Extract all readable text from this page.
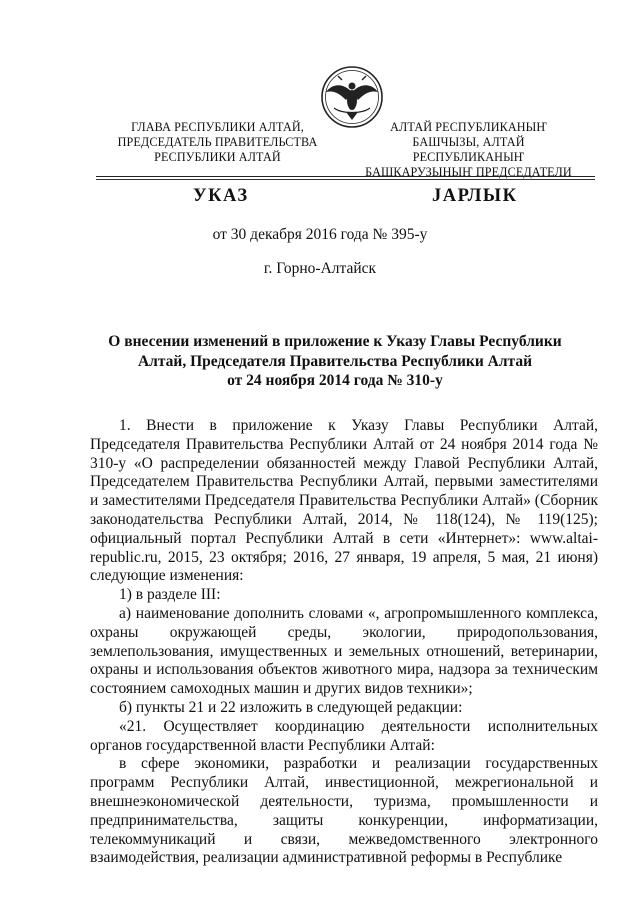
ГЛАВА РЕСПУБЛИКИ АЛТАЙ,
ПРЕДСЕДАТЕЛЬ ПРАВИТЕЛЬСТВА
РЕСПУБЛИКИ АЛТАЙ
АЛТАЙ РЕСПУБЛИКАНЫҤ
БАШЧЫЗЫ, АЛТАЙ РЕСПУБЛИКАНЫҤ
БАШКАРУЗЫНЫҤ ПРЕДСЕДАТЕЛИ
УКАЗ	JАРЛЫК
от 30 декабря 2016 года № 395-у
г. Горно-Алтайск
О внесении изменений в приложение к Указу Главы Республики
Алтай, Председателя Правительства Республики Алтай
от 24 ноября 2014 года № 310-у

1. Внести в приложение к Указу Главы Республики Алтай, Председателя Правительства Республики Алтай от 24 ноября 2014 года № 310-у «О распределении обязанностей между Главой Республики Алтай, Председателем Правительства Республики Алтай, первыми заместителями и заместителями Председателя Правительства Республики Алтай» (Сборник законодательства Республики Алтай, 2014, № 118(124), № 119(125); официальный портал Республики Алтай в сети «Интернет»: www.altai-republic.ru, 2015, 23 октября; 2016, 27 января, 19 апреля, 5 мая, 21 июня) следующие изменения:

1) в разделе III:

а) наименование дополнить словами «, агропромышленного комплекса, охраны окружающей среды, экологии, природопользования, землепользования, имущественных и земельных отношений, ветеринарии, охраны и использования объектов животного мира, надзора за техническим состоянием самоходных машин и других видов техники»;

б) пункты 21 и 22 изложить в следующей редакции:

«21. Осуществляет координацию деятельности исполнительных органов государственной власти Республики Алтай:

в сфере экономики, разработки и реализации государственных программ Республики Алтай, инвестиционной, межрегиональной и внешнеэкономической деятельности, туризма, промышленности и предпринимательства, защиты конкуренции, информатизации, телекоммуникаций и связи, межведомственного электронного взаимодействия, реализации административной реформы в Республике
